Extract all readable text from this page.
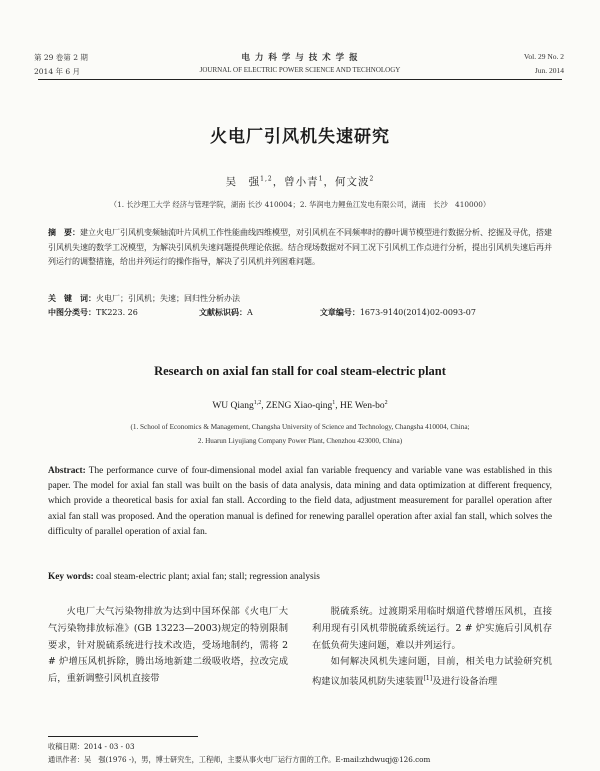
第 29 卷第 2 期
2014 年 6 月
电 力 科 学 与 技 术 学 报
JOURNAL OF ELECTRIC POWER SCIENCE AND TECHNOLOGY
Vol. 29 No. 2
Jun. 2014
火电厂引风机失速研究
吴　强$^{1,2}$，曾小青$^1$，何文波$^2$
（1. 长沙理工大学 经济与管理学院，湖南 长沙 410004；2. 华润电力鲤鱼江发电有限公司，湖南　长沙　410000）
摘　要：建立火电厂引风机变频轴流叶片风机工作性能曲线四维模型，对引风机在不同频率时的静叶调节模型进行数据分析、挖掘及寻优，搭建引风机失速的数学工况模型，为解决引风机失速问题提供理论依据。结合现场数据对不同工况下引风机工作点进行分析，提出引风机失速后再并列运行的调整措施，给出并列运行的操作指导，解决了引风机并列困难问题。
关　键　词：火电厂；引风机；失速；回归性分析办法
中图分类号：TK223. 26	文献标识码：A	文章编号：1673-9140(2014)02-0093-07
Research on axial fan stall for coal steam-electric plant
WU Qiang$^{1,2}$, ZENG Xiao-qing$^1$, HE Wen-$bo^2$
(1. School of Economics & Management, Changsha University of Science and Technology, Changsha 410004, China;
2. Huarun Liyujiang Company Power Plant, Chenzhou 423000, China)
Abstract: The performance curve of four-dimensional model axial fan variable frequency and variable vane was established in this paper. The model for axial fan stall was built on the basis of data analysis, data mining and data optimization at different frequency, which provide a theoretical basis for axial fan stall. According to the field data, adjustment measurement for parallel operation after axial fan stall was proposed. And the operation manual is defined for renewing parallel operation after axial fan stall, which solves the difficulty of parallel operation of axial fan.
Key words: coal steam-electric plant; axial fan; stall; regression analysis
火电厂大气污染物排放为达到中国环保部《火电厂大气污染物排放标准》(GB 13223—2003)规定的特别限制要求，针对脱硫系统进行技术改造，受场地制约，需将 2 # 炉增压风机拆除，腾出场地新建二级吸收塔，拉改完成后，重新调整引风机直接带
脱硫系统。过渡期采用临时烟道代替增压风机，直接利用现有引风机带脱硫系统运行。2 # 炉实施后引风机存在低负荷失速问题，难以并列运行。
如何解决风机失速问题，目前，相关电力试验研究机构建议加装风机防失速装置[1]及进行设备治理
收稿日期：2014 - 03 - 03
通讯作者：吴　强(1976 -)，男，博士研究生，工程师，主要从事火电厂运行方面的工作。E-mail:zhdwuqj@126.com
